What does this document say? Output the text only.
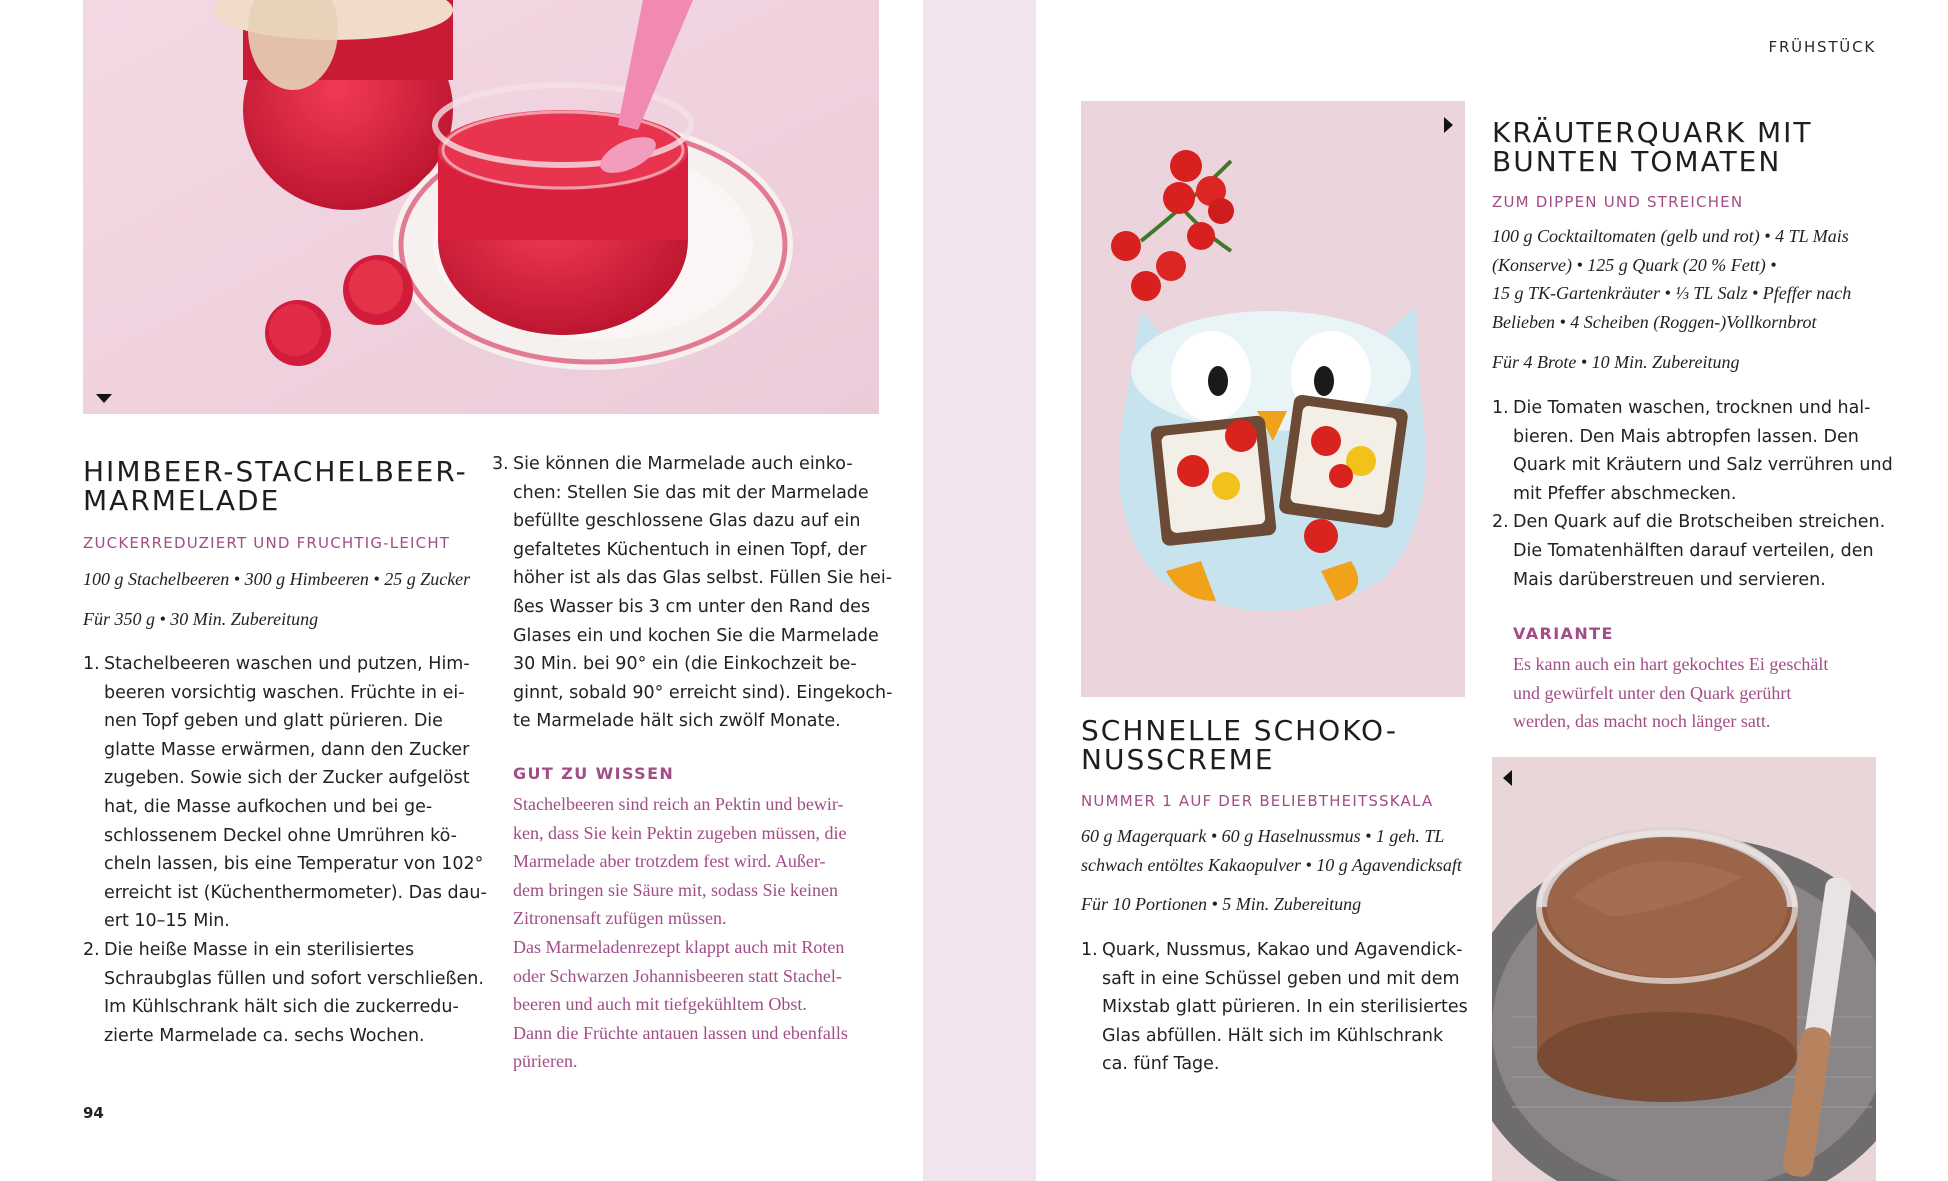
HIMBEER-STACHELBEER-
MARMELADE
ZUCKERREDUZIERT UND FRUCHTIG-LEICHT
100 g Stachelbeeren • 300 g Himbeeren • 25 g Zucker
Für 350 g • 30 Min. Zubereitung
1. Stachelbeeren waschen und putzen, Him-
beeren vorsichtig waschen. Früchte in ei-
nen Topf geben und glatt pürieren. Die
glatte Masse erwärmen, dann den Zucker
zugeben. Sowie sich der Zucker aufgelöst
hat, die Masse aufkochen und bei ge-
schlossenem Deckel ohne Umrühren kö-
cheln lassen, bis eine Temperatur von 102°
erreicht ist (Küchenthermometer). Das dau-
ert 10–15 Min.
2. Die heiße Masse in ein sterilisiertes
Schraubglas füllen und sofort verschließen.
Im Kühlschrank hält sich die zuckerredu-
zierte Marmelade ca. sechs Wochen.
3. Sie können die Marmelade auch einko-
chen: Stellen Sie das mit der Marmelade
befüllte geschlossene Glas dazu auf ein
gefaltetes Küchentuch in einen Topf, der
höher ist als das Glas selbst. Füllen Sie hei-
ßes Wasser bis 3 cm unter den Rand des
Glases ein und kochen Sie die Marmelade
30 Min. bei 90° ein (die Einkochzeit be-
ginnt, sobald 90° erreicht sind). Eingekoch-
te Marmelade hält sich zwölf Monate.
GUT ZU WISSEN
Stachelbeeren sind reich an Pektin und bewir-
ken, dass Sie kein Pektin zugeben müssen, die
Marmelade aber trotzdem fest wird. Außer-
dem bringen sie Säure mit, sodass Sie keinen
Zitronensaft zufügen müssen.
Das Marmeladenrezept klappt auch mit Roten
oder Schwarzen Johannisbeeren statt Stachel-
beeren und auch mit tiefgekühltem Obst.
Dann die Früchte antauen lassen und ebenfalls
pürieren.
94
FRÜHSTÜCK
KRÄUTERQUARK MIT
BUNTEN TOMATEN
ZUM DIPPEN UND STREICHEN
100 g Cocktailtomaten (gelb und rot) • 4 TL Mais
(Konserve) • 125 g Quark (20 % Fett) •
15 g TK-Gartenkräuter • ⅓ TL Salz • Pfeffer nach
Belieben • 4 Scheiben (Roggen-)Vollkornbrot
Für 4 Brote • 10 Min. Zubereitung
1. Die Tomaten waschen, trocknen und hal-
bieren. Den Mais abtropfen lassen. Den
Quark mit Kräutern und Salz verrühren und
mit Pfeffer abschmecken.
2. Den Quark auf die Brotscheiben streichen.
Die Tomatenhälften darauf verteilen, den
Mais darüberstreuen und servieren.
VARIANTE
Es kann auch ein hart gekochtes Ei geschält
und gewürfelt unter den Quark gerührt
werden, das macht noch länger satt.
SCHNELLE SCHOKO-
NUSSCREME
NUMMER 1 AUF DER BELIEBTHEITSSKALA
60 g Magerquark • 60 g Haselnussmus • 1 geh. TL
schwach entöltes Kakaopulver • 10 g Agavendicksaft
Für 10 Portionen • 5 Min. Zubereitung
1. Quark, Nussmus, Kakao und Agavendick-
saft in eine Schüssel geben und mit dem
Mixstab glatt pürieren. In ein sterilisiertes
Glas abfüllen. Hält sich im Kühlschrank
ca. fünf Tage.
